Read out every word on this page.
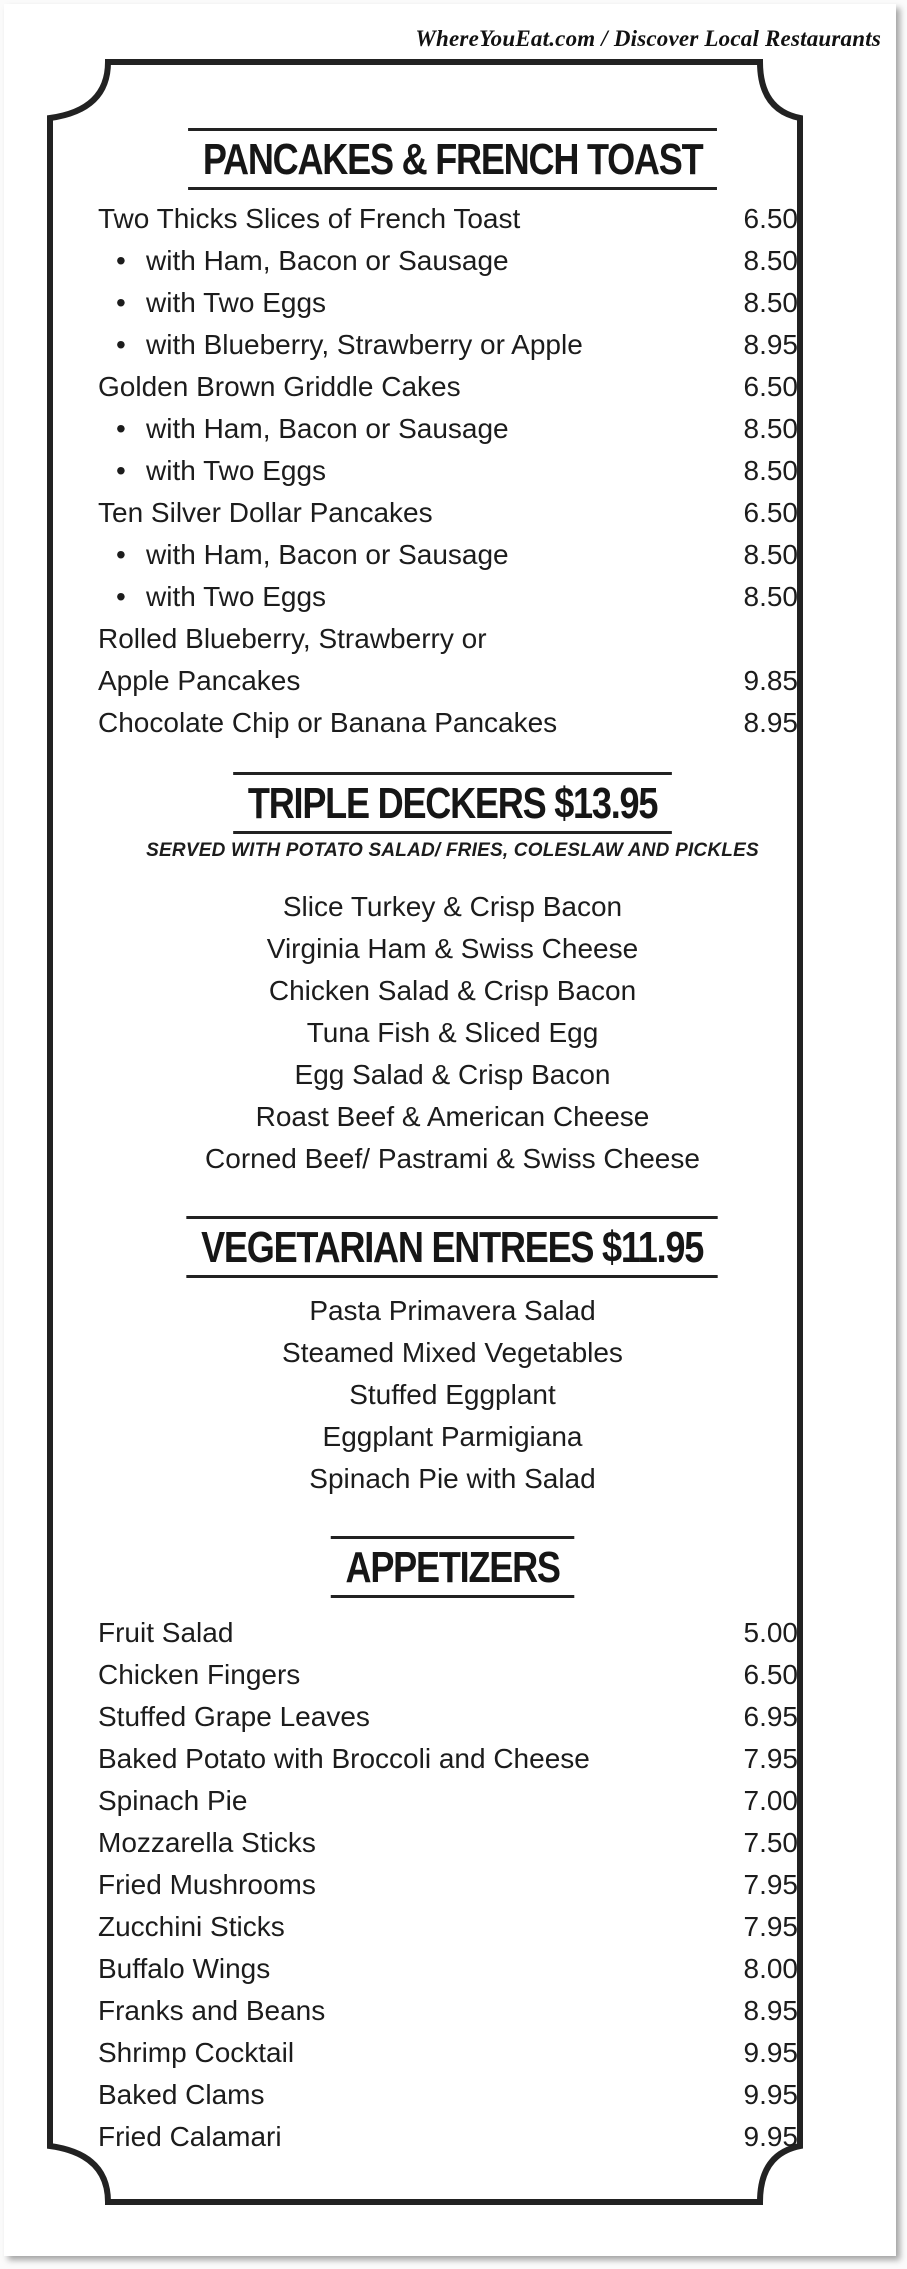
WhereYouEat.com / Discover Local Restaurants
PANCAKES & FRENCH TOAST
Two Thicks Slices of French Toast	6.50
• with Ham, Bacon or Sausage	8.50
• with Two Eggs	8.50
• with Blueberry, Strawberry or Apple	8.95
Golden Brown Griddle Cakes	6.50
• with Ham, Bacon or Sausage	8.50
• with Two Eggs	8.50
Ten Silver Dollar Pancakes	6.50
• with Ham, Bacon or Sausage	8.50
• with Two Eggs	8.50
Rolled Blueberry, Strawberry or
Apple Pancakes	9.85
Chocolate Chip or Banana Pancakes	8.95
TRIPLE DECKERS $13.95
SERVED WITH POTATO SALAD/ FRIES, COLESLAW AND PICKLES
Slice Turkey & Crisp Bacon
Virginia Ham & Swiss Cheese
Chicken Salad & Crisp Bacon
Tuna Fish & Sliced Egg
Egg Salad & Crisp Bacon
Roast Beef & American Cheese
Corned Beef/ Pastrami & Swiss Cheese
VEGETARIAN ENTREES $11.95
Pasta Primavera Salad
Steamed Mixed Vegetables
Stuffed Eggplant
Eggplant Parmigiana
Spinach Pie with Salad
APPETIZERS
Fruit Salad	5.00
Chicken Fingers	6.50
Stuffed Grape Leaves	6.95
Baked Potato with Broccoli and Cheese	7.95
Spinach Pie	7.00
Mozzarella Sticks	7.50
Fried Mushrooms	7.95
Zucchini Sticks	7.95
Buffalo Wings	8.00
Franks and Beans	8.95
Shrimp Cocktail	9.95
Baked Clams	9.95
Fried Calamari	9.95
